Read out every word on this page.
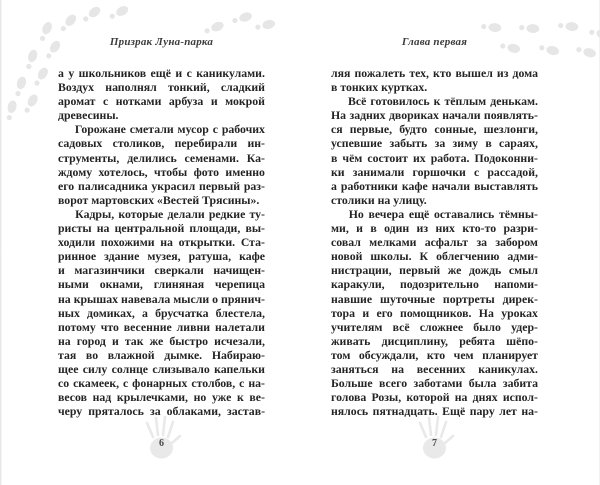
Призрак Луна-парка
а у школьников ещё и с каникулами.
Воздух наполнял тонкий, сладкий
аромат с нотками арбуза и мокрой
древесины.
Горожане сметали мусор с рабочих
садовых столиков, перебирали ин-
струменты, делились семенами. Ка-
ждому хотелось, чтобы фото именно
его палисадника украсил первый раз-
ворот мартовских «Вестей Трясины».
Кадры, которые делали редкие ту-
ристы на центральной площади, вы-
ходили похожими на открытки. Ста-
ринное здание музея, ратуша, кафе
и магазинчики сверкали начищен-
ными окнами, глиняная черепица
на крышах навевала мысли о прянич-
ных домиках, а брусчатка блестела,
потому что весенние ливни налетали
на город и так же быстро исчезали,
тая во влажной дымке. Набираю-
щее силу солнце слизывало капельки
со скамеек, с фонарных столбов, с на-
весов над крылечками, но уже к ве-
черу пряталось за облаками, застав-
6
Глава первая
ляя пожалеть тех, кто вышел из дома
в тонких куртках.
Всё готовилось к тёплым денькам.
На задних двориках начали появлять-
ся первые, будто сонные, шезлонги,
успевшие забыть за зиму в сараях,
в чём состоит их работа. Подоконни-
ки занимали горшочки с рассадой,
а работники кафе начали выставлять
столики на улицу.
Но вечера ещё оставались тёмны-
ми, и в один из них кто-то разри-
совал мелками асфальт за забором
новой школы. К облегчению адми-
нистрации, первый же дождь смыл
каракули, подозрительно напоми-
навшие шуточные портреты дирек-
тора и его помощников. На уроках
учителям всё сложнее было удер-
живать дисциплину, ребята шёпо-
том обсуждали, кто чем планирует
заняться на весенних каникулах.
Больше всего заботами была забита
голова Розы, которой на днях испол-
нялось пятнадцать. Ещё пару лет на-
7
